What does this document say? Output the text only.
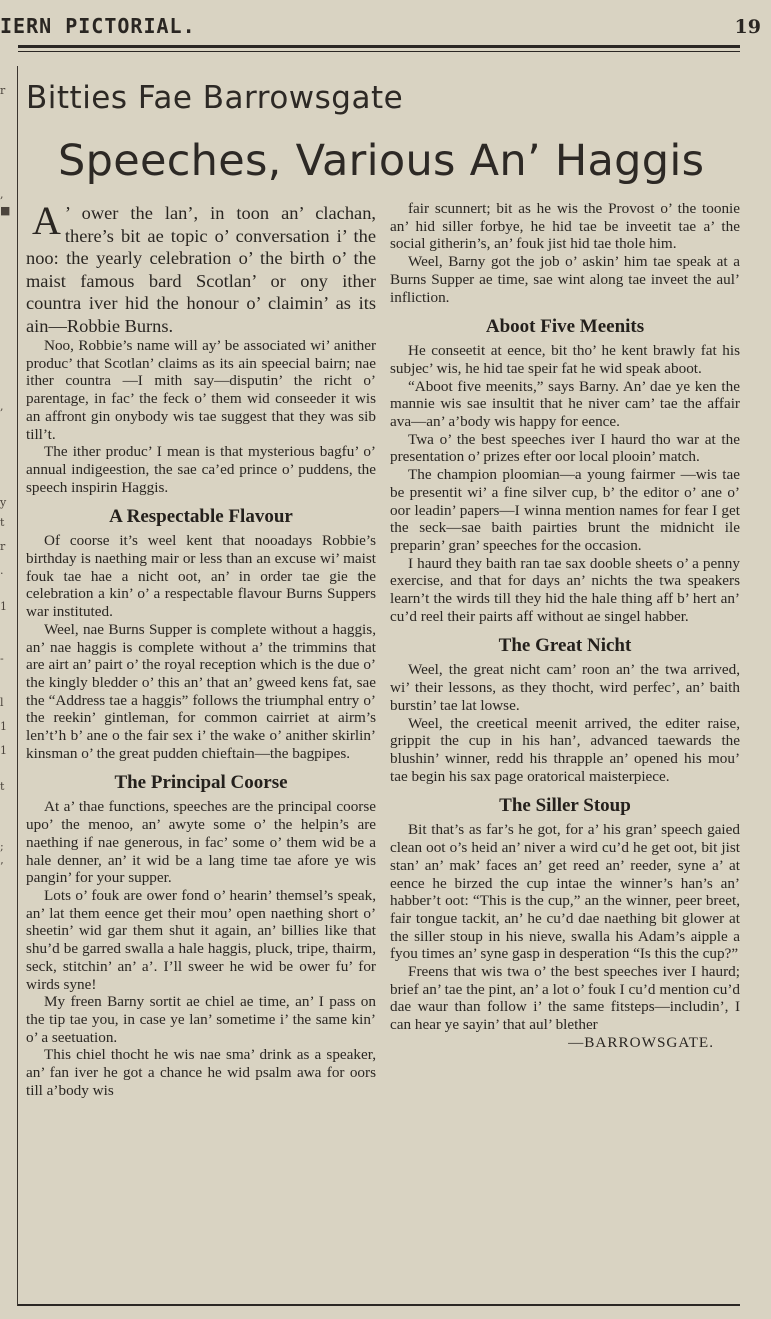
IERN PICTORIAL.	19
r
,
■
,
y
t
r
.
1
-
l
1
1
t
;
’
Bitties Fae Barrowsgate
Speeches, Various An’ Haggis

A ’ ower the lan’, in toon an’ clachan, there’s bit ae topic o’ conversation i’ the noo: the yearly celebration o’ the birth o’ the maist famous bard Scotlan’ or ony ither countra iver hid the honour o’ claimin’ as its ain—Robbie Burns.

Noo, Robbie’s name will ay’ be associated wi’ anither produc’ that Scotlan’ claims as its ain speecial bairn; nae ither countra —I mith say—disputin’ the richt o’ parentage, in fac’ the feck o’ them wid conseeder it wis an affront gin onybody wis tae suggest that they was sib till’t.

The ither produc’ I mean is that mysterious bagfu’ o’ annual indigeestion, the sae ca’ed prince o’ puddens, the speech inspirin Haggis.

A Respectable Flavour

Of coorse it’s weel kent that nooadays Robbie’s birthday is naething mair or less than an excuse wi’ maist fouk tae hae a nicht oot, an’ in order tae gie the celebration a kin’ o’ a respectable flavour Burns Suppers war instituted.

Weel, nae Burns Supper is complete without a haggis, an’ nae haggis is complete without a’ the trimmins that are airt an’ pairt o’ the royal reception which is the due o’ the kingly bledder o’ this an’ that an’ gweed kens fat, sae the “Address tae a haggis” follows the triumphal entry o’ the reekin’ gintleman, for common cairriet at airm’s len’t’h b’ ane o the fair sex i’ the wake o’ anither skirlin’ kinsman o’ the great pudden chieftain—the bagpipes.

The Principal Coorse

At a’ thae functions, speeches are the principal coorse upo’ the menoo, an’ awyte some o’ the helpin’s are naething if nae generous, in fac’ some o’ them wid be a hale denner, an’ it wid be a lang time tae afore ye wis pangin’ for your supper.

Lots o’ fouk are ower fond o’ hearin’ themsel’s speak, an’ lat them eence get their mou’ open naething short o’ sheetin’ wid gar them shut it again, an’ billies like that shu’d be garred swalla a hale haggis, pluck, tripe, thairm, seck, stitchin’ an’ a’. I’ll sweer he wid be ower fu’ for wirds syne!

My freen Barny sortit ae chiel ae time, an’ I pass on the tip tae you, in case ye lan’ sometime i’ the same kin’ o’ a seetuation.

This chiel thocht he wis nae sma’ drink as a speaker, an’ fan iver he got a chance he wid psalm awa for oors till a’body wis

fair scunnert; bit as he wis the Provost o’ the toonie an’ hid siller forbye, he hid tae be inveetit tae a’ the social githerin’s, an’ fouk jist hid tae thole him.

Weel, Barny got the job o’ askin’ him tae speak at a Burns Supper ae time, sae wint along tae inveet the aul’ infliction.

Aboot Five Meenits

He conseetit at eence, bit tho’ he kent brawly fat his subjec’ wis, he hid tae speir fat he wid speak aboot.

“Aboot five meenits,” says Barny. An’ dae ye ken the mannie wis sae insultit that he niver cam’ tae the affair ava—an’ a’body wis happy for eence.

Twa o’ the best speeches iver I haurd tho war at the presentation o’ prizes efter oor local plooin’ match.

The champion ploomian—a young fairmer —wis tae be presentit wi’ a fine silver cup, b’ the editor o’ ane o’ oor leadin’ papers—I winna mention names for fear I get the seck—sae baith pairties brunt the midnicht ile preparin’ gran’ speeches for the occasion.

I haurd they baith ran tae sax dooble sheets o’ a penny exercise, and that for days an’ nichts the twa speakers learn’t the wirds till they hid the hale thing aff b’ hert an’ cu’d reel their pairts aff without ae singel habber.

The Great Nicht

Weel, the great nicht cam’ roon an’ the twa arrived, wi’ their lessons, as they thocht, wird perfec’, an’ baith burstin’ tae lat lowse.

Weel, the creetical meenit arrived, the editer raise, grippit the cup in his han’, advanced taewards the blushin’ winner, redd his thrapple an’ opened his mou’ tae begin his sax page oratorical maisterpiece.

The Siller Stoup

Bit that’s as far’s he got, for a’ his gran’ speech gaied clean oot o’s heid an’ niver a wird cu’d he get oot, bit jist stan’ an’ mak’ faces an’ get reed an’ reeder, syne a’ at eence he birzed the cup intae the winner’s han’s an’ habber’t oot: “This is the cup,” an the winner, peer breet, fair tongue tackit, an’ he cu’d dae naething bit glower at the siller stoup in his nieve, swalla his Adam’s aipple a fyou times an’ syne gasp in desperation “Is this the cup?”

Freens that wis twa o’ the best speeches iver I haurd; brief an’ tae the pint, an’ a lot o’ fouk I cu’d mention cu’d dae waur than follow i’ the same fitsteps—includin’, I can hear ye sayin’ that aul’ blether

—BARROWSGATE.
